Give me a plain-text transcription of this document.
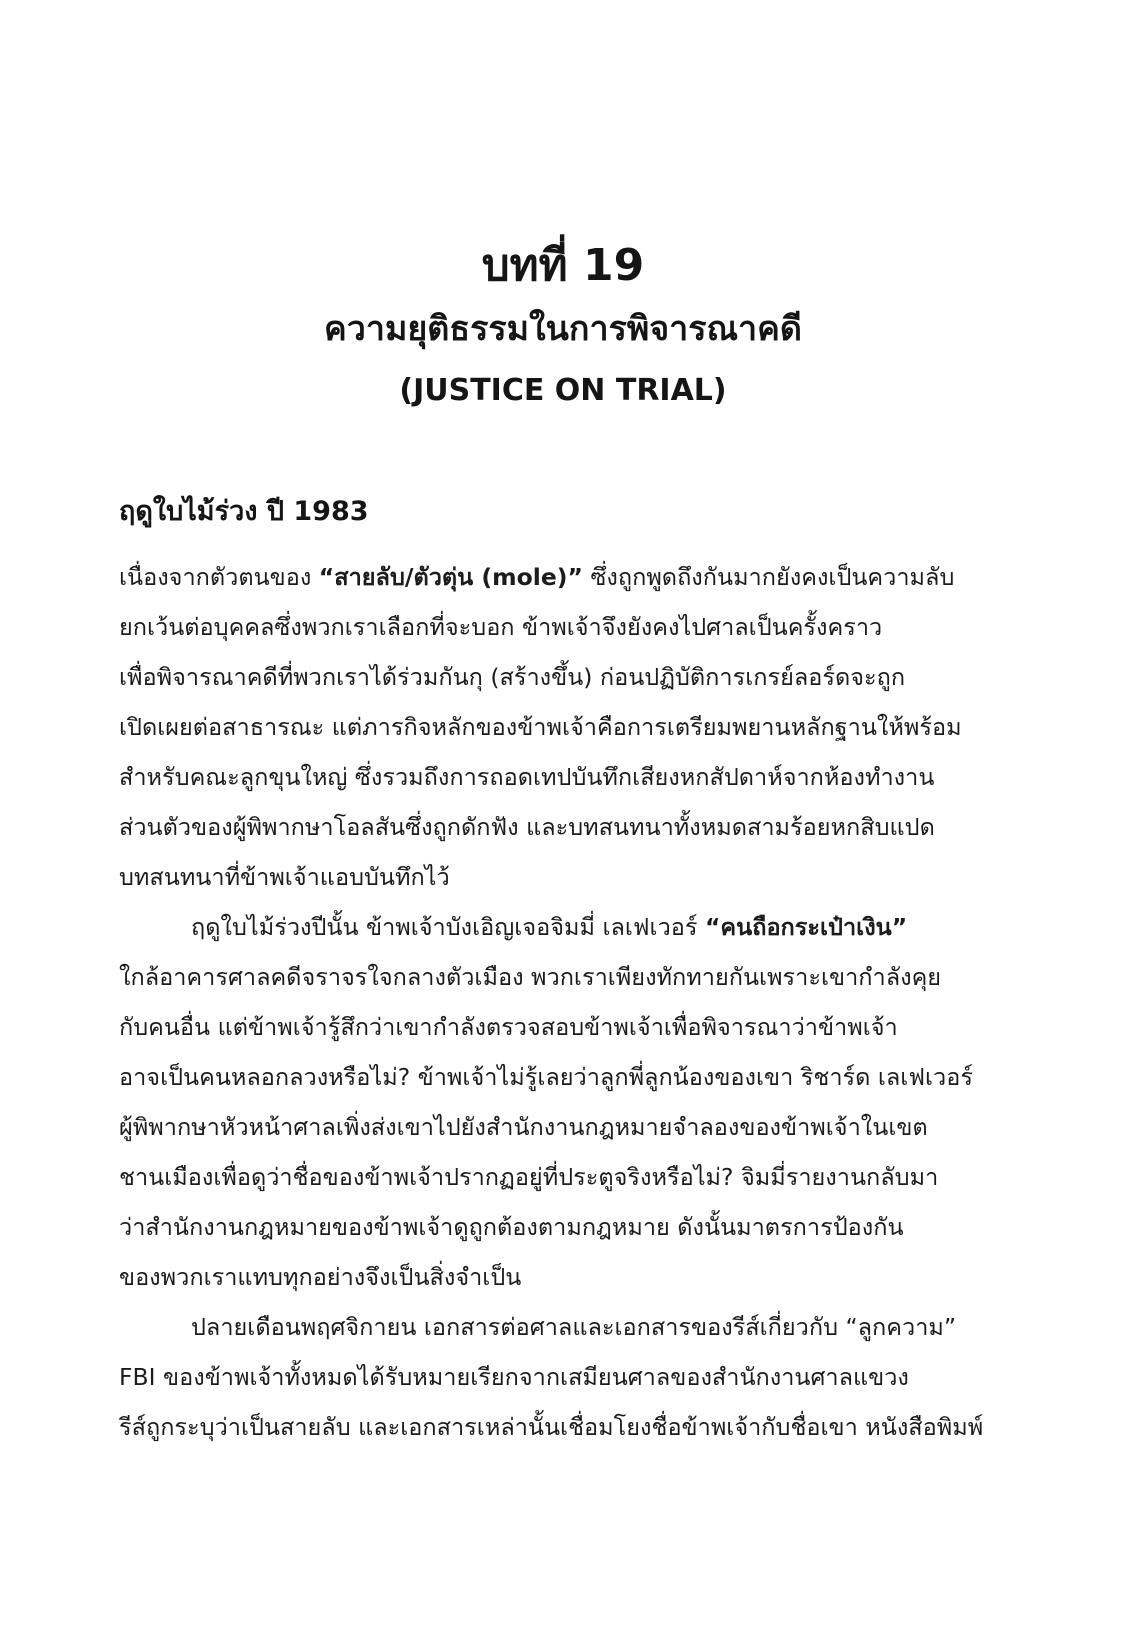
บทที่ 19
ความยุติธรรมในการพิจารณาคดี
(JUSTICE ON TRIAL)
ฤดูใบไม้ร่วง ปี 1983
เนื่องจากตัวตนของ “สายลับ/ตัวตุ่น (mole)” ซึ่งถูกพูดถึงกันมากยังคงเป็นความลับ
ยกเว้นต่อบุคคลซึ่งพวกเราเลือกที่จะบอก ข้าพเจ้าจึงยังคงไปศาลเป็นครั้งคราว
เพื่อพิจารณาคดีที่พวกเราได้ร่วมกันกุ (สร้างขึ้น) ก่อนปฏิบัติการเกรย์ลอร์ดจะถูก
เปิดเผยต่อสาธารณะ แต่ภารกิจหลักของข้าพเจ้าคือการเตรียมพยานหลักฐานให้พร้อม
สำหรับคณะลูกขุนใหญ่ ซึ่งรวมถึงการถอดเทปบันทึกเสียงหกสัปดาห์จากห้องทำงาน
ส่วนตัวของผู้พิพากษาโอลสันซึ่งถูกดักฟัง และบทสนทนาทั้งหมดสามร้อยหกสิบแปด
บทสนทนาที่ข้าพเจ้าแอบบันทึกไว้
ฤดูใบไม้ร่วงปีนั้น ข้าพเจ้าบังเอิญเจอจิมมี่ เลเฟเวอร์ “คนถือกระเป๋าเงิน”
ใกล้อาคารศาลคดีจราจรใจกลางตัวเมือง พวกเราเพียงทักทายกันเพราะเขากำลังคุย
กับคนอื่น แต่ข้าพเจ้ารู้สึกว่าเขากำลังตรวจสอบข้าพเจ้าเพื่อพิจารณาว่าข้าพเจ้า
อาจเป็นคนหลอกลวงหรือไม่? ข้าพเจ้าไม่รู้เลยว่าลูกพี่ลูกน้องของเขา ริชาร์ด เลเฟเวอร์
ผู้พิพากษาหัวหน้าศาลเพิ่งส่งเขาไปยังสำนักงานกฎหมายจำลองของข้าพเจ้าในเขต
ชานเมืองเพื่อดูว่าชื่อของข้าพเจ้าปรากฏอยู่ที่ประตูจริงหรือไม่? จิมมี่รายงานกลับมา
ว่าสำนักงานกฎหมายของข้าพเจ้าดูถูกต้องตามกฎหมาย ดังนั้นมาตรการป้องกัน
ของพวกเราแทบทุกอย่างจึงเป็นสิ่งจำเป็น
ปลายเดือนพฤศจิกายน เอกสารต่อศาลและเอกสารของรีส์เกี่ยวกับ “ลูกความ”
FBI ของข้าพเจ้าทั้งหมดได้รับหมายเรียกจากเสมียนศาลของสำนักงานศาลแขวง
รีส์ถูกระบุว่าเป็นสายลับ และเอกสารเหล่านั้นเชื่อมโยงชื่อข้าพเจ้ากับชื่อเขา หนังสือพิมพ์
